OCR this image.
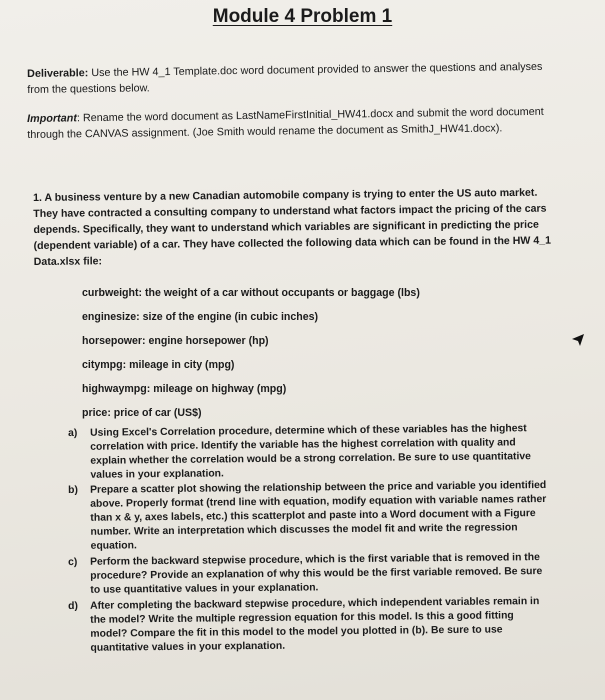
Module 4 Problem 1
Deliverable: Use the HW 4_1 Template.doc word document provided to answer the questions and analyses from the questions below.
Important: Rename the word document as LastNameFirstInitial_HW41.docx and submit the word document through the CANVAS assignment. (Joe Smith would rename the document as SmithJ_HW41.docx).
1. A business venture by a new Canadian automobile company is trying to enter the US auto market. They have contracted a consulting company to understand what factors impact the pricing of the cars depends. Specifically, they want to understand which variables are significant in predicting the price (dependent variable) of a car. They have collected the following data which can be found in the HW 4_1 Data.xlsx file:
curbweight: the weight of a car without occupants or baggage (lbs)
enginesize: size of the engine (in cubic inches)
horsepower: engine horsepower (hp)
citympg: mileage in city (mpg)
highwaympg: mileage on highway (mpg)
price: price of car (US$)
a) Using Excel's Correlation procedure, determine which of these variables has the highest correlation with price. Identify the variable has the highest correlation with quality and explain whether the correlation would be a strong correlation. Be sure to use quantitative values in your explanation.
b) Prepare a scatter plot showing the relationship between the price and variable you identified above. Properly format (trend line with equation, modify equation with variable names rather than x & y, axes labels, etc.) this scatterplot and paste into a Word document with a Figure number. Write an interpretation which discusses the model fit and write the regression equation.
c) Perform the backward stepwise procedure, which is the first variable that is removed in the procedure? Provide an explanation of why this would be the first variable removed. Be sure to use quantitative values in your explanation.
d) After completing the backward stepwise procedure, which independent variables remain in the model? Write the multiple regression equation for this model. Is this a good fitting model? Compare the fit in this model to the model you plotted in (b). Be sure to use quantitative values in your explanation.
